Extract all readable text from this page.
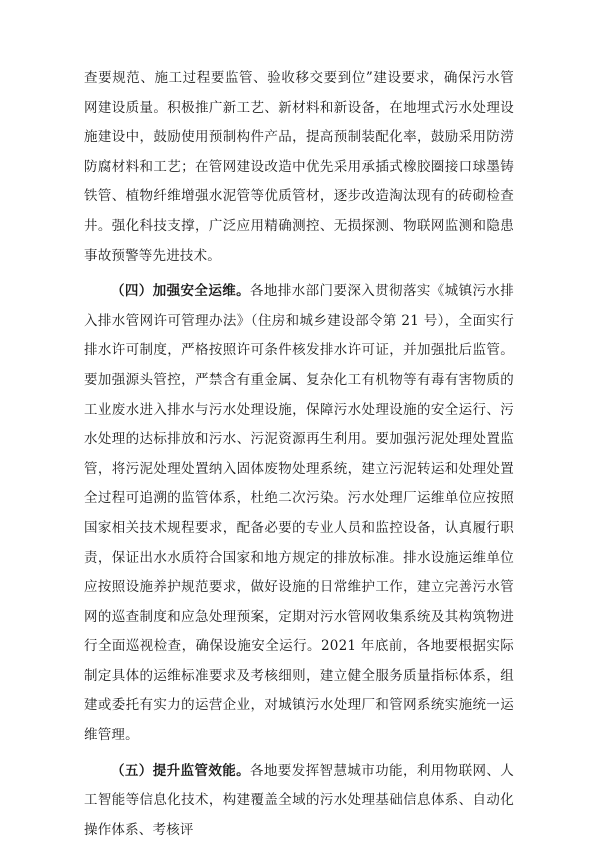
查要规范、施工过程要监管、验收移交要到位”建设要求，确保污水管网建设质量。积极推广新工艺、新材料和新设备，在地埋式污水处理设施建设中，鼓励使用预制构件产品，提高预制装配化率，鼓励采用防涝防腐材料和工艺；在管网建设改造中优先采用承插式橡胶圈接口球墨铸铁管、植物纤维增强水泥管等优质管材，逐步改造淘汰现有的砖砌检查井。强化科技支撑，广泛应用精确测控、无损探测、物联网监测和隐患事故预警等先进技术。

（四）加强安全运维。各地排水部门要深入贯彻落实《城镇污水排入排水管网许可管理办法》（住房和城乡建设部令第 21 号），全面实行排水许可制度，严格按照许可条件核发排水许可证，并加强批后监管。要加强源头管控，严禁含有重金属、复杂化工有机物等有毒有害物质的工业废水进入排水与污水处理设施，保障污水处理设施的安全运行、污水处理的达标排放和污水、污泥资源再生利用。要加强污泥处理处置监管，将污泥处理处置纳入固体废物处理系统，建立污泥转运和处理处置全过程可追溯的监管体系，杜绝二次污染。污水处理厂运维单位应按照国家相关技术规程要求，配备必要的专业人员和监控设备，认真履行职责，保证出水水质符合国家和地方规定的排放标准。排水设施运维单位应按照设施养护规范要求，做好设施的日常维护工作，建立完善污水管网的巡查制度和应急处理预案，定期对污水管网收集系统及其构筑物进行全面巡视检查，确保设施安全运行。2021 年底前，各地要根据实际制定具体的运维标准要求及考核细则，建立健全服务质量指标体系，组建或委托有实力的运营企业，对城镇污水处理厂和管网系统实施统一运维管理。

（五）提升监管效能。各地要发挥智慧城市功能，利用物联网、人工智能等信息化技术，构建覆盖全域的污水处理基础信息体系、自动化操作体系、考核评
